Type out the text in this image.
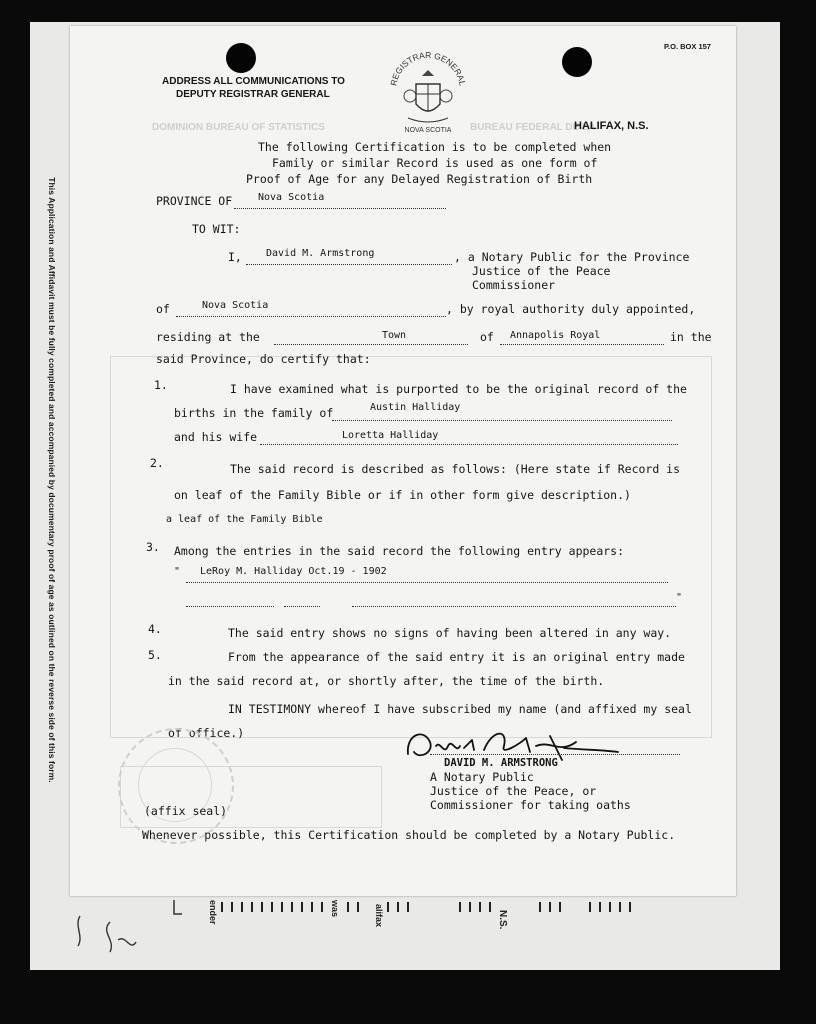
This Application and Affidavit must be fully completed and accompanied by documentary proof of age as outlined on the reverse side of this form.
DOMINION BUREAU OF STATISTICS	BUREAU FEDERAL DE LA
ADDRESS ALL COMMUNICATIONS TO
DEPUTY REGISTRAR GENERAL
REGISTRAR GENERAL
NOVA SCOTIA
P.O. BOX 157
HALIFAX, N.S.
The following Certification is to be completed when
Family or similar Record is used as one form of
Proof of Age for any Delayed Registration of Birth
PROVINCE OF	Nova Scotia
TO WIT:
I, David M. Armstrong	, a Notary Public for the Province
Justice of the Peace
Commissioner
of	Nova Scotia	, by royal authority duly appointed,
residing at the	Town	of Annapolis Royal	in the
said Province, do certify that:
1.	I have examined what is purported to be the original record of the
births in the family of	Austin Halliday
and his wife	Loretta Halliday
2.	The said record is described as follows: (Here state if Record is
on leaf of the Family Bible or if in other form give description.)
a leaf of the Family Bible
3. Among the entries in the said record the following entry appears:
" LeRoy M. Halliday Oct.19 - 1902
"
4.	The said entry shows no signs of having been altered in any way.
5.	From the appearance of the said entry it is an original entry made
in the said record at, or shortly after, the time of the birth.
IN TESTIMONY whereof I have subscribed my name (and affixed my seal
of office.)
DAVID M. ARMSTRONG
A Notary Public
Justice of the Peace, or
Commissioner for taking oaths
(affix seal)
Whenever possible, this Certification should be completed by a Notary Public.
ender	was	alifax	N.S.
